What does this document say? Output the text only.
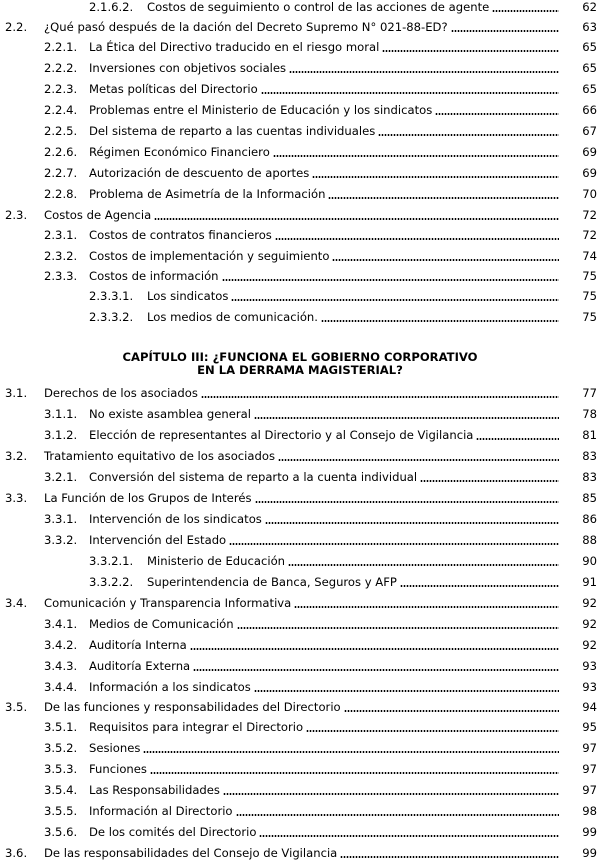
CAPÍTULO III: ¿FUNCIONA EL GOBIERNO CORPORATIVO
EN LA DERRAMA MAGISTERIAL?
2.1.6.2. Costos de seguimiento o control de las acciones de agente	62
2.2. ¿Qué pasó después de la dación del Decreto Supremo N° 021-88-ED?	63
2.2.1. La Ética del Directivo traducido en el riesgo moral	65
2.2.2. Inversiones con objetivos sociales	65
2.2.3. Metas políticas del Directorio	65
2.2.4. Problemas entre el Ministerio de Educación y los sindicatos	66
2.2.5. Del sistema de reparto a las cuentas individuales	67
2.2.6. Régimen Económico Financiero	69
2.2.7. Autorización de descuento de aportes	69
2.2.8. Problema de Asimetría de la Información	70
2.3. Costos de Agencia	72
2.3.1. Costos de contratos financieros	72
2.3.2. Costos de implementación y seguimiento	74
2.3.3. Costos de información	75
2.3.3.1. Los sindicatos	75
2.3.3.2. Los medios de comunicación.	75
3.1. Derechos de los asociados	77
3.1.1. No existe asamblea general	78
3.1.2. Elección de representantes al Directorio y al Consejo de Vigilancia	81
3.2. Tratamiento equitativo de los asociados	83
3.2.1. Conversión del sistema de reparto a la cuenta individual	83
3.3. La Función de los Grupos de Interés	85
3.3.1. Intervención de los sindicatos	86
3.3.2. Intervención del Estado	88
3.3.2.1. Ministerio de Educación	90
3.3.2.2. Superintendencia de Banca, Seguros y AFP	91
3.4. Comunicación y Transparencia Informativa	92
3.4.1. Medios de Comunicación	92
3.4.2. Auditoría Interna	92
3.4.3. Auditoría Externa	93
3.4.4. Información a los sindicatos	93
3.5. De las funciones y responsabilidades del Directorio	94
3.5.1. Requisitos para integrar el Directorio	95
3.5.2. Sesiones	97
3.5.3. Funciones	97
3.5.4. Las Responsabilidades	97
3.5.5. Información al Directorio	98
3.5.6. De los comités del Directorio	99
3.6. De las responsabilidades del Consejo de Vigilancia	99
